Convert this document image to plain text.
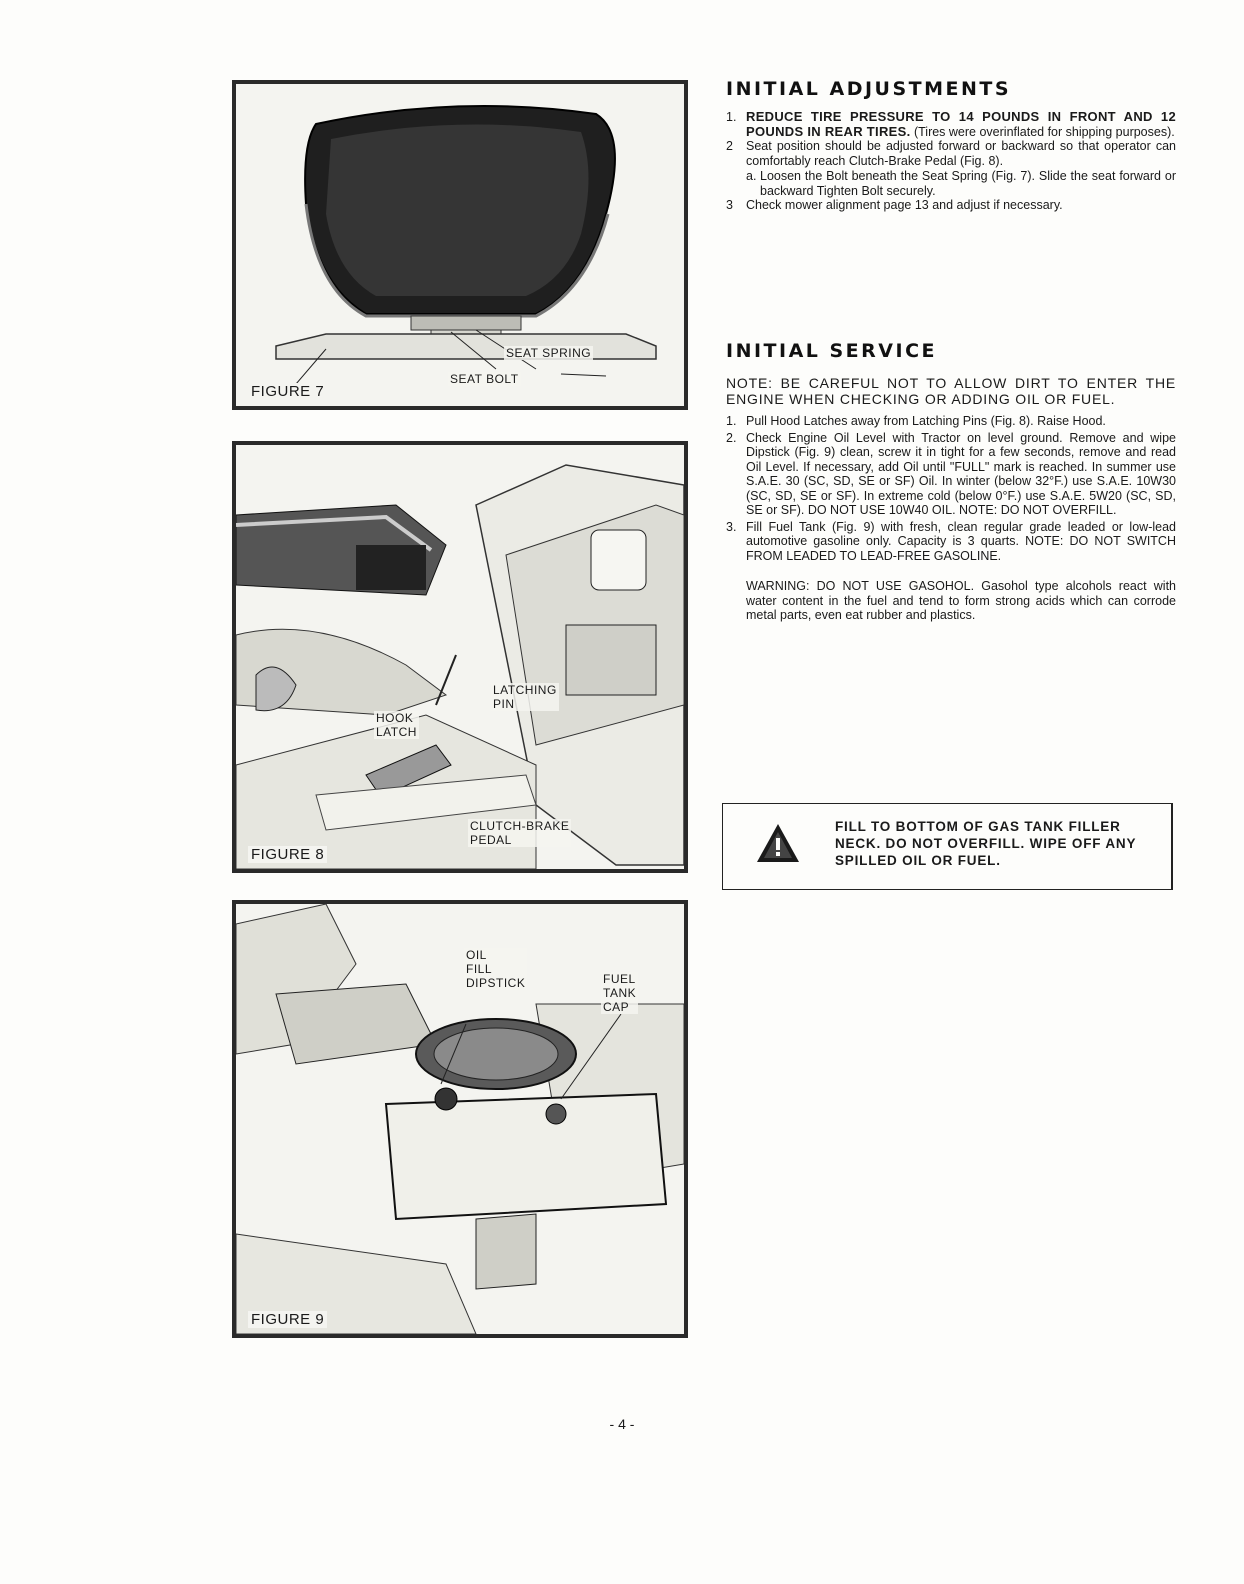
SEAT SPRING
SEAT BOLT
FIGURE 7
LATCHING
PIN
HOOK
LATCH
CLUTCH-BRAKE
PEDAL
FIGURE 8
OIL
FILL
DIPSTICK	FUEL
TANK
CAP
FIGURE 9
INITIAL ADJUSTMENTS
1. REDUCE TIRE PRESSURE TO 14 POUNDS IN FRONT AND 12 POUNDS IN REAR TIRES. (Tires were overinflated for shipping purposes).
2 Seat position should be adjusted forward or backward so that operator can comfortably reach Clutch-Brake Pedal (Fig. 8).
a. Loosen the Bolt beneath the Seat Spring (Fig. 7). Slide the seat forward or backward Tighten Bolt securely.
3 Check mower alignment page 13 and adjust if necessary.
INITIAL SERVICE

NOTE: BE CAREFUL NOT TO ALLOW DIRT TO ENTER THE ENGINE WHEN CHECKING OR ADDING OIL OR FUEL.

1. Pull Hood Latches away from Latching Pins (Fig. 8). Raise Hood.
2. Check Engine Oil Level with Tractor on level ground. Remove and wipe Dipstick (Fig. 9) clean, screw it in tight for a few seconds, remove and read Oil Level. If necessary, add Oil until "FULL" mark is reached. In summer use S.A.E. 30 (SC, SD, SE or SF) Oil. In winter (below 32°F.) use S.A.E. 10W30 (SC, SD, SE or SF). In extreme cold (below 0°F.) use S.A.E. 5W20 (SC, SD, SE or SF). DO NOT USE 10W40 OIL. NOTE: DO NOT OVERFILL.
3. Fill Fuel Tank (Fig. 9) with fresh, clean regular grade leaded or low-lead automotive gasoline only. Capacity is 3 quarts. NOTE: DO NOT SWITCH FROM LEADED TO LEAD-FREE GASOLINE.

WARNING: DO NOT USE GASOHOL. Gasohol type alcohols react with water content in the fuel and tend to form strong acids which can corrode metal parts, even eat rubber and plastics.

FILL TO BOTTOM OF GAS TANK FILLER NECK. DO NOT OVERFILL. WIPE OFF ANY SPILLED OIL OR FUEL.
- 4 -
